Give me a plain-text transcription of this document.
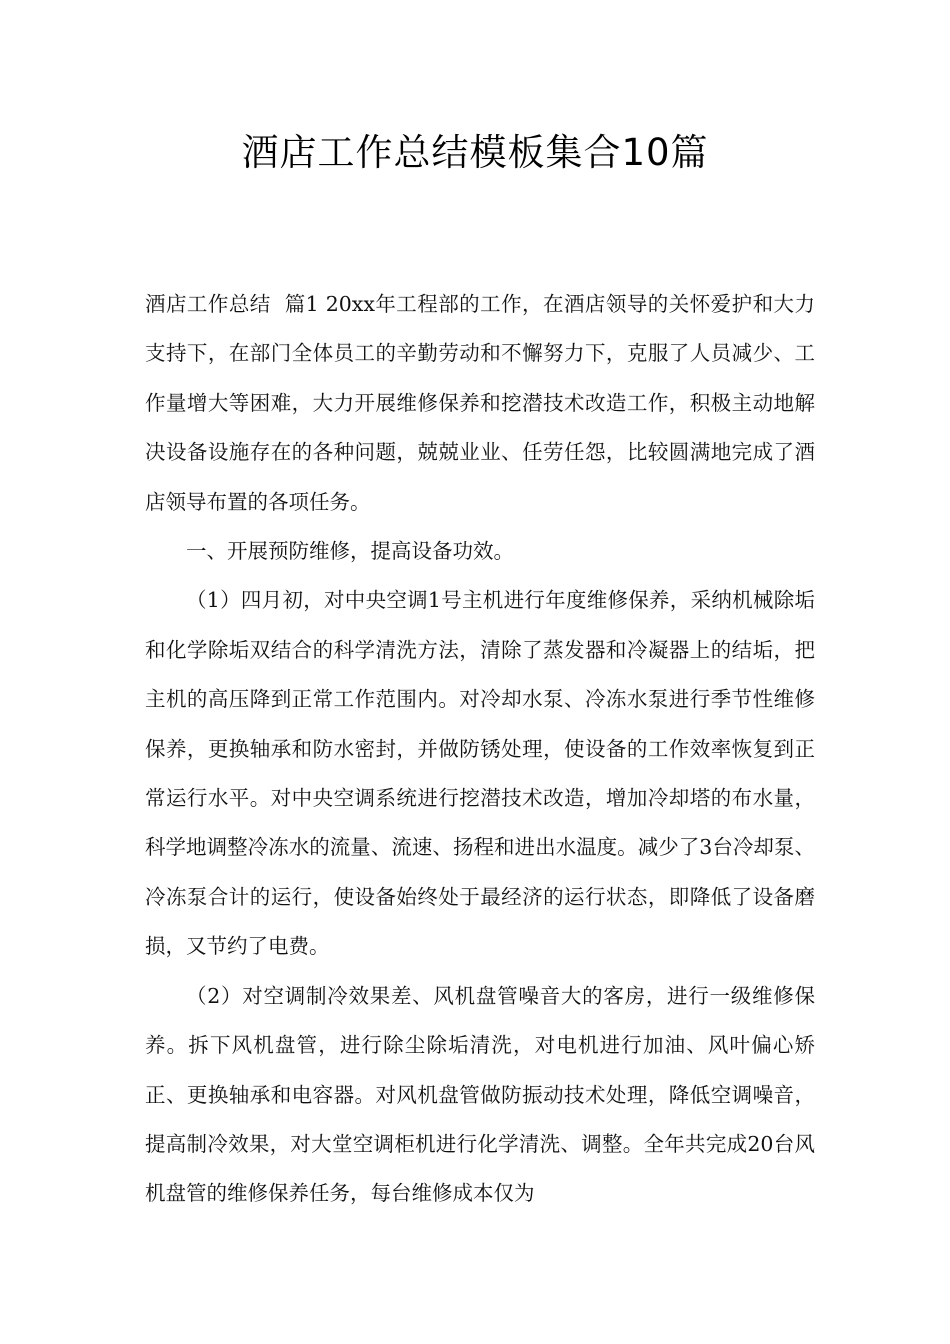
酒店工作总结模板集合10篇

酒店工作总结  篇1 20xx年工程部的工作，在酒店领导的关怀爱护和大力支持下，在部门全体员工的辛勤劳动和不懈努力下，克服了人员减少、工作量增大等困难，大力开展维修保养和挖潜技术改造工作，积极主动地解决设备设施存在的各种问题，兢兢业业、任劳任怨，比较圆满地完成了酒店领导布置的各项任务。

一、开展预防维修，提高设备功效。

（1）四月初，对中央空调1号主机进行年度维修保养，采纳机械除垢和化学除垢双结合的科学清洗方法，清除了蒸发器和冷凝器上的结垢，把主机的高压降到正常工作范围内。对冷却水泵、冷冻水泵进行季节性维修保养，更换轴承和防水密封，并做防锈处理，使设备的工作效率恢复到正常运行水平。对中央空调系统进行挖潜技术改造，增加冷却塔的布水量，科学地调整冷冻水的流量、流速、扬程和进出水温度。减少了3台冷却泵、冷冻泵合计的运行，使设备始终处于最经济的运行状态，即降低了设备磨损，又节约了电费。

（2）对空调制冷效果差、风机盘管噪音大的客房，进行一级维修保养。拆下风机盘管，进行除尘除垢清洗，对电机进行加油、风叶偏心矫正、更换轴承和电容器。对风机盘管做防振动技术处理，降低空调噪音，提高制冷效果，对大堂空调柜机进行化学清洗、调整。全年共完成20台风机盘管的维修保养任务，每台维修成本仅为
